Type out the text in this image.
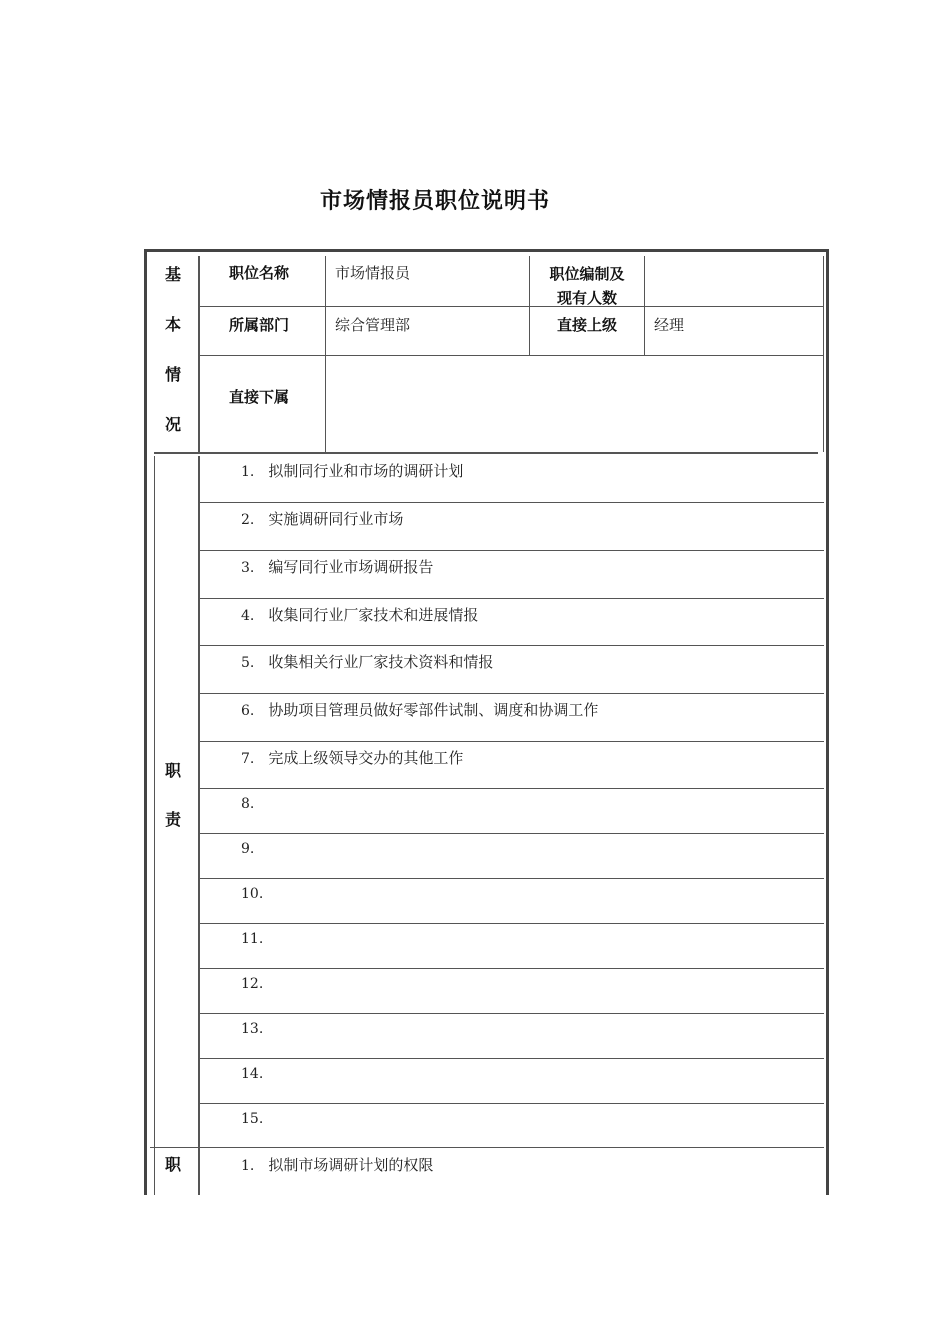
市场情报员职位说明书
基
本
情
况
职位名称	市场情报员	职位编制及
现有人数
所属部门	综合管理部	直接上级	经理
直接下属
职
责
1. 拟制同行业和市场的调研计划
2. 实施调研同行业市场
3. 编写同行业市场调研报告
4. 收集同行业厂家技术和进展情报
5. 收集相关行业厂家技术资料和情报
6. 协助项目管理员做好零部件试制、调度和协调工作
7. 完成上级领导交办的其他工作
8.
9.
10.
11.
12.
13.
14.
15.
职	1. 拟制市场调研计划的权限
